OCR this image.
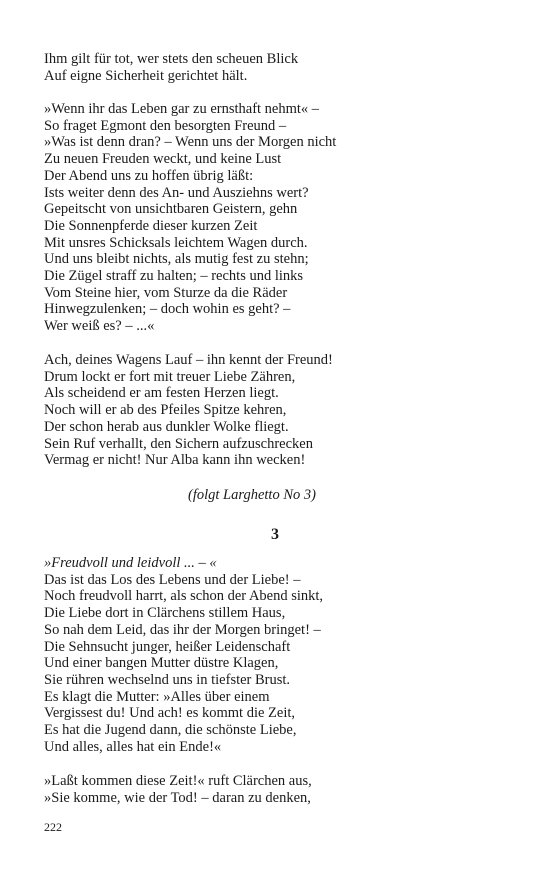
Ihm gilt für tot, wer stets den scheuen Blick
Auf eigne Sicherheit gerichtet hält.
»Wenn ihr das Leben gar zu ernsthaft nehmt« –
So fraget Egmont den besorgten Freund –
»Was ist denn dran? – Wenn uns der Morgen nicht
Zu neuen Freuden weckt, und keine Lust
Der Abend uns zu hoffen übrig läßt:
Ists weiter denn des An- und Ausziehns wert?
Gepeitscht von unsichtbaren Geistern, gehn
Die Sonnenpferde dieser kurzen Zeit
Mit unsres Schicksals leichtem Wagen durch.
Und uns bleibt nichts, als mutig fest zu stehn;
Die Zügel straff zu halten; – rechts und links
Vom Steine hier, vom Sturze da die Räder
Hinwegzulenken; – doch wohin es geht? –
Wer weiß es? – ...«
Ach, deines Wagens Lauf – ihn kennt der Freund!
Drum lockt er fort mit treuer Liebe Zähren,
Als scheidend er am festen Herzen liegt.
Noch will er ab des Pfeiles Spitze kehren,
Der schon herab aus dunkler Wolke fliegt.
Sein Ruf verhallt, den Sichern aufzuschrecken
Vermag er nicht! Nur Alba kann ihn wecken!
(folgt Larghetto No 3)
3
»Freudvoll und leidvoll ... – «
Das ist das Los des Lebens und der Liebe! –
Noch freudvoll harrt, als schon der Abend sinkt,
Die Liebe dort in Clärchens stillem Haus,
So nah dem Leid, das ihr der Morgen bringet! –
Die Sehnsucht junger, heißer Leidenschaft
Und einer bangen Mutter düstre Klagen,
Sie rühren wechselnd uns in tiefster Brust.
Es klagt die Mutter: »Alles über einem
Vergissest du! Und ach! es kommt die Zeit,
Es hat die Jugend dann, die schönste Liebe,
Und alles, alles hat ein Ende!«
»Laßt kommen diese Zeit!« ruft Clärchen aus,
»Sie komme, wie der Tod! – daran zu denken,
222
